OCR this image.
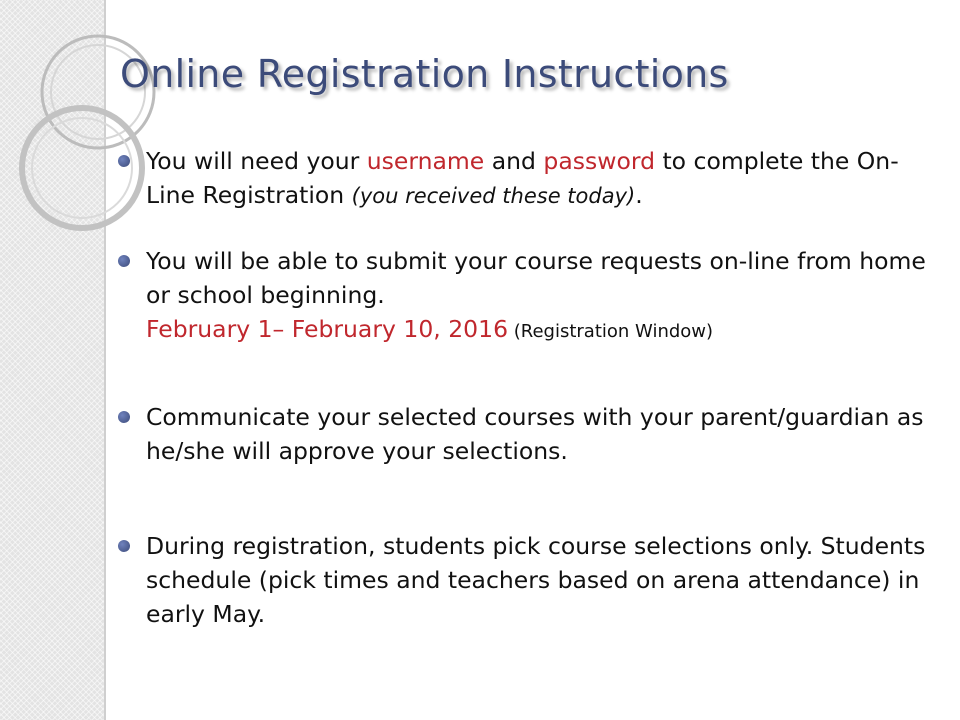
Online Registration Instructions
You will need your username and password to complete the On-Line Registration (you received these today).
You will be able to submit your course requests on-line from home or school beginning.
February 1– February 10, 2016 (Registration Window)
Communicate your selected courses with your parent/guardian as he/she will approve your selections.
During registration, students pick course selections only. Students schedule (pick times and teachers based on arena attendance) in early May.
